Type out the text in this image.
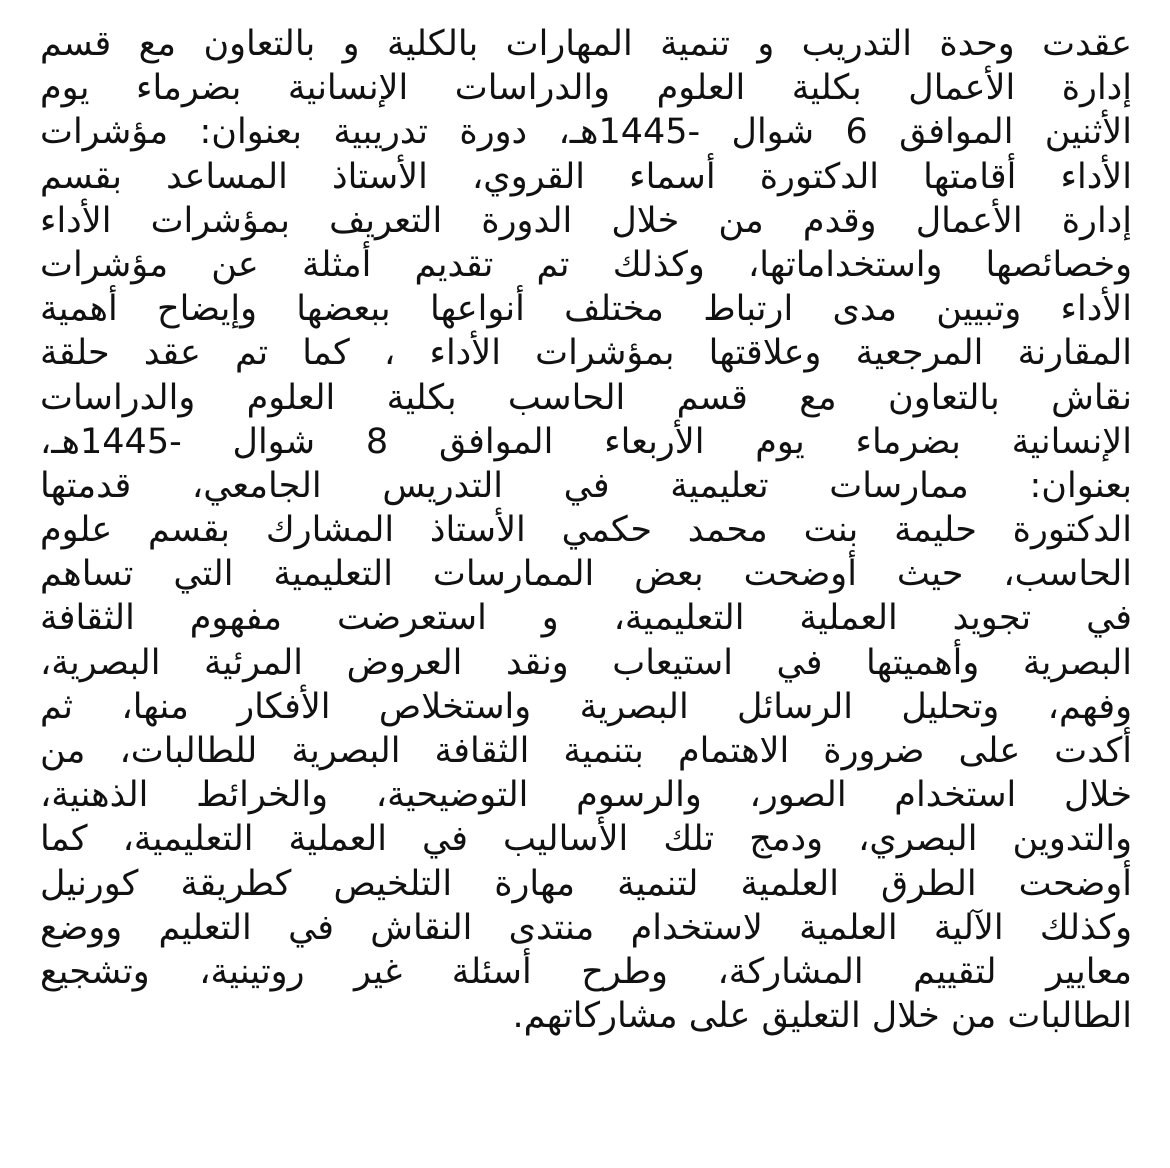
عقدت وحدة التدريب و تنمية المهارات بالكلية و بالتعاون مع قسم
إدارة الأعمال بكلية العلوم والدراسات الإنسانية بضرماء يوم
الأثنين الموافق 6 شوال -1445هـ، دورة تدريبية بعنوان: مؤشرات
الأداء أقامتها الدكتورة أسماء القروي، الأستاذ المساعد بقسم
إدارة الأعمال وقدم من خلال الدورة التعريف بمؤشرات الأداء
وخصائصها واستخداماتها، وكذلك تم تقديم أمثلة عن مؤشرات
الأداء وتبيين مدى ارتباط مختلف أنواعها ببعضها وإيضاح أهمية
المقارنة المرجعية وعلاقتها بمؤشرات الأداء ، كما تم عقد حلقة
نقاش بالتعاون مع قسم الحاسب بكلية العلوم والدراسات
الإنسانية بضرماء يوم الأربعاء الموافق 8 شوال -1445هـ،
بعنوان: ممارسات تعليمية في التدريس الجامعي، قدمتها
الدكتورة حليمة بنت محمد حكمي الأستاذ المشارك بقسم علوم
الحاسب، حيث أوضحت بعض الممارسات التعليمية التي تساهم
في تجويد العملية التعليمية، و استعرضت مفهوم الثقافة
البصرية وأهميتها في استيعاب ونقد العروض المرئية البصرية،
وفهم، وتحليل الرسائل البصرية واستخلاص الأفكار منها، ثم
أكدت على ضرورة الاهتمام بتنمية الثقافة البصرية للطالبات، من
خلال استخدام الصور، والرسوم التوضيحية، والخرائط الذهنية،
والتدوين البصري، ودمج تلك الأساليب في العملية التعليمية، كما
أوضحت الطرق العلمية لتنمية مهارة التلخيص كطريقة كورنيل
وكذلك الآلية العلمية لاستخدام منتدى النقاش في التعليم ووضع
معايير لتقييم المشاركة، وطرح أسئلة غير روتينية، وتشجيع
الطالبات من خلال التعليق على مشاركاتهم.
